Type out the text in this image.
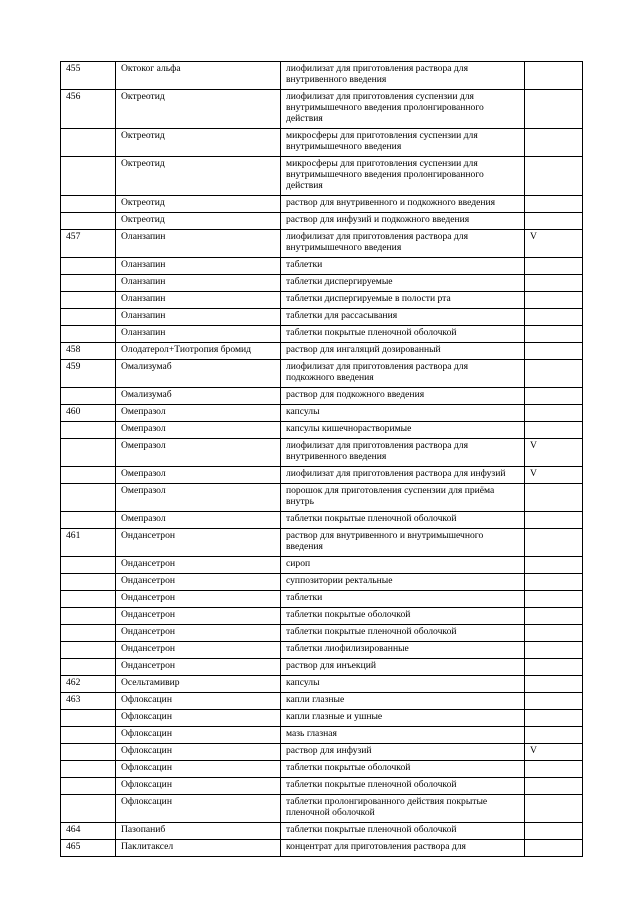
455	Октоког альфа	лиофилизат для приготовления раствора для внутривенного введения	
456	Октреотид	лиофилизат для приготовления суспензии для внутримышечного введения пролонгированного действия	
	Октреотид	микросферы для приготовления суспензии для внутримышечного введения	
	Октреотид	микросферы для приготовления суспензии для внутримышечного введения пролонгированного действия	
	Октреотид	раствор для внутривенного и подкожного введения	
	Октреотид	раствор для инфузий и подкожного введения	
457	Оланзапин	лиофилизат для приготовления раствора для внутримышечного введения	V
	Оланзапин	таблетки	
	Оланзапин	таблетки диспергируемые	
	Оланзапин	таблетки диспергируемые в полости рта	
	Оланзапин	таблетки для рассасывания	
	Оланзапин	таблетки покрытые пленочной оболочкой	
458	Олодатерол+Тиотропия бромид	раствор для ингаляций дозированный	
459	Омализумаб	лиофилизат для приготовления раствора для подкожного введения	
	Омализумаб	раствор для подкожного введения	
460	Омепразол	капсулы	
	Омепразол	капсулы кишечнорастворимые	
	Омепразол	лиофилизат для приготовления раствора для внутривенного введения	V
	Омепразол	лиофилизат для приготовления раствора для инфузий	V
	Омепразол	порошок для приготовления суспензии для приёма внутрь	
	Омепразол	таблетки покрытые пленочной оболочкой	
461	Ондансетрон	раствор для внутривенного и внутримышечного введения	
	Ондансетрон	сироп	
	Ондансетрон	суппозитории ректальные	
	Ондансетрон	таблетки	
	Ондансетрон	таблетки покрытые оболочкой	
	Ондансетрон	таблетки покрытые пленочной оболочкой	
	Ондансетрон	таблетки лиофилизированные	
	Ондансетрон	раствор для инъекций	
462	Осельтамивир	капсулы	
463	Офлоксацин	капли глазные	
	Офлоксацин	капли глазные и ушные	
	Офлоксацин	мазь глазная	
	Офлоксацин	раствор для инфузий	V
	Офлоксацин	таблетки покрытые оболочкой	
	Офлоксацин	таблетки покрытые пленочной оболочкой	
	Офлоксацин	таблетки пролонгированного действия покрытые пленочной оболочкой	
464	Пазопаниб	таблетки покрытые пленочной оболочкой	
465	Паклитаксел	концентрат для приготовления раствора для	
